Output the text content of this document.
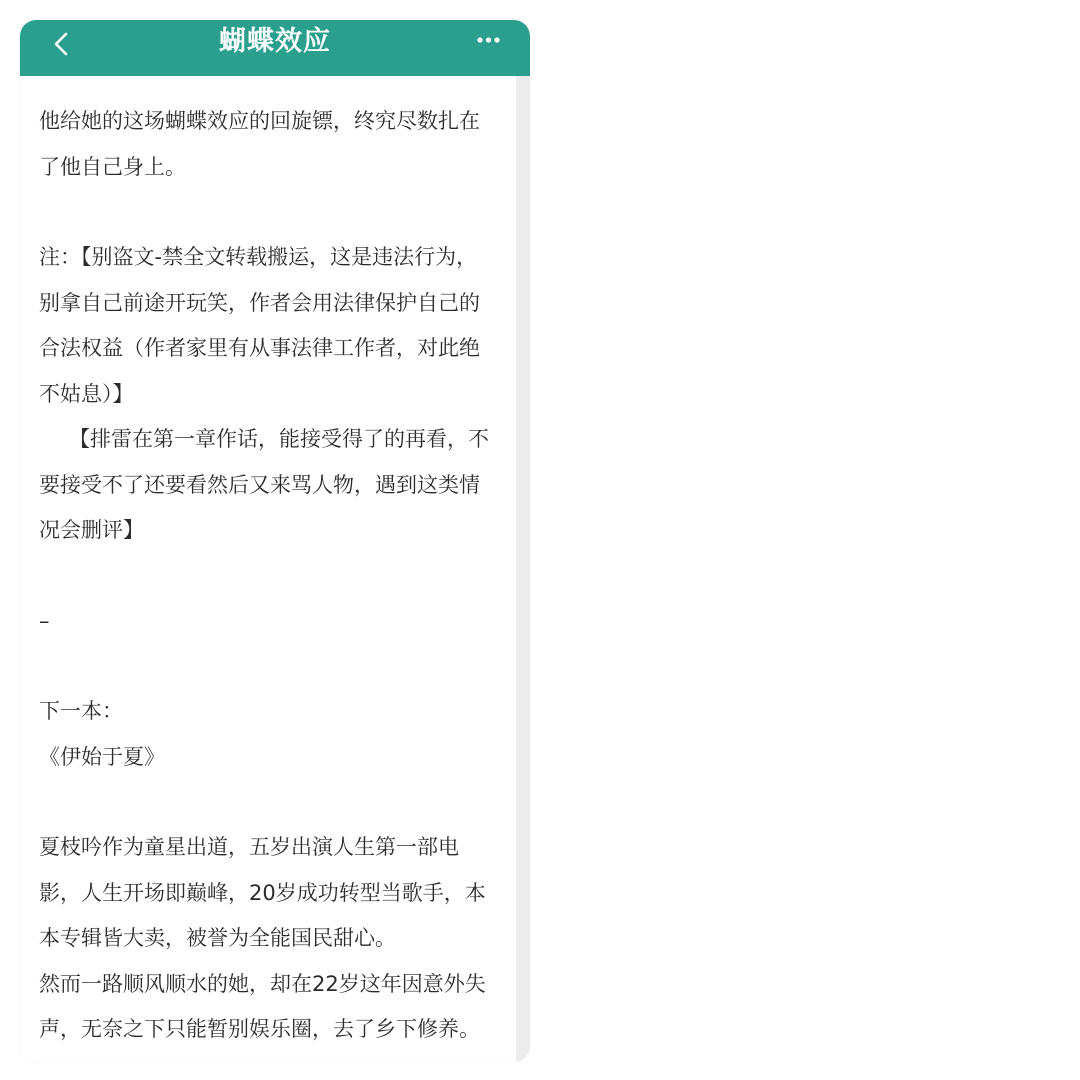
蝴蝶效应

他给她的这场蝴蝶效应的回旋镖，终究尽数扎在了他自己身上。

注：【别盗文-禁全文转载搬运，这是违法行为，别拿自己前途开玩笑，作者会用法律保护自己的合法权益（作者家里有从事法律工作者，对此绝不姑息）】

【排雷在第一章作话，能接受得了的再看，不要接受不了还要看然后又来骂人物，遇到这类情况会删评】

–

下一本：

《伊始于夏》

夏枝吟作为童星出道，五岁出演人生第一部电影，人生开场即巅峰，20岁成功转型当歌手，本本专辑皆大卖，被誉为全能国民甜心。

然而一路顺风顺水的她，却在22岁这年因意外失声，无奈之下只能暂别娱乐圈，去了乡下修养。
